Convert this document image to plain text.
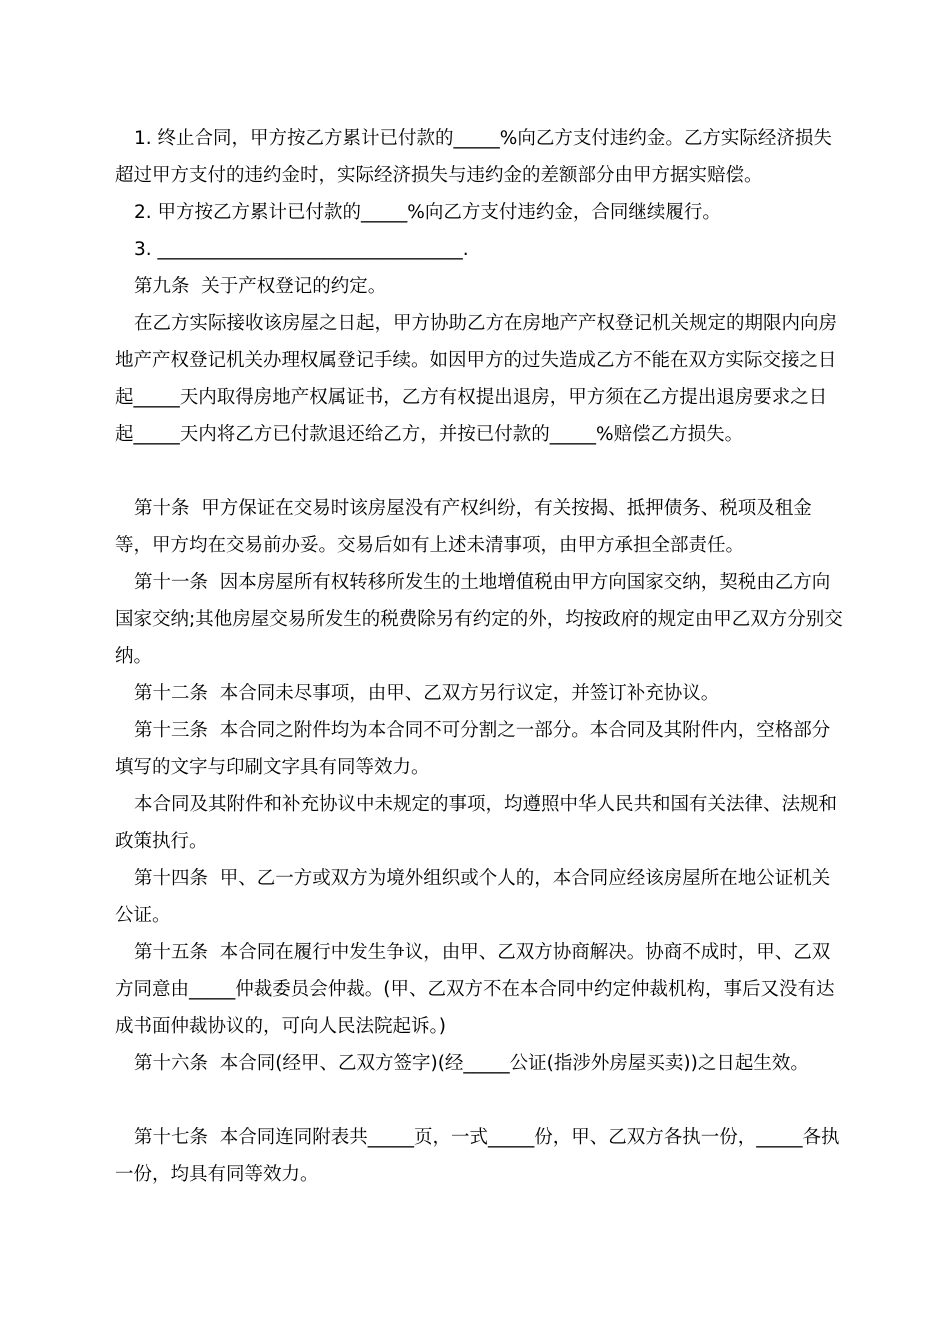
1. 终止合同，甲方按乙方累计已付款的_____%向乙方支付违约金。乙方实际经济损失超过甲方支付的违约金时，实际经济损失与违约金的差额部分由甲方据实赔偿。

2. 甲方按乙方累计已付款的_____%向乙方支付违约金，合同继续履行。

3. _________________________________.

第九条  关于产权登记的约定。

在乙方实际接收该房屋之日起，甲方协助乙方在房地产产权登记机关规定的期限内向房地产产权登记机关办理权属登记手续。如因甲方的过失造成乙方不能在双方实际交接之日起_____天内取得房地产权属证书，乙方有权提出退房，甲方须在乙方提出退房要求之日起_____天内将乙方已付款退还给乙方，并按已付款的_____%赔偿乙方损失。

第十条  甲方保证在交易时该房屋没有产权纠纷，有关按揭、抵押债务、税项及租金等，甲方均在交易前办妥。交易后如有上述未清事项，由甲方承担全部责任。

第十一条  因本房屋所有权转移所发生的土地增值税由甲方向国家交纳，契税由乙方向国家交纳;其他房屋交易所发生的税费除另有约定的外，均按政府的规定由甲乙双方分别交纳。

第十二条  本合同未尽事项，由甲、乙双方另行议定，并签订补充协议。

第十三条  本合同之附件均为本合同不可分割之一部分。本合同及其附件内，空格部分填写的文字与印刷文字具有同等效力。

本合同及其附件和补充协议中未规定的事项，均遵照中华人民共和国有关法律、法规和政策执行。

第十四条  甲、乙一方或双方为境外组织或个人的，本合同应经该房屋所在地公证机关公证。

第十五条  本合同在履行中发生争议，由甲、乙双方协商解决。协商不成时，甲、乙双方同意由_____仲裁委员会仲裁。(甲、乙双方不在本合同中约定仲裁机构，事后又没有达成书面仲裁协议的，可向人民法院起诉。)

第十六条  本合同(经甲、乙双方签字)(经_____公证(指涉外房屋买卖))之日起生效。

第十七条  本合同连同附表共_____页，一式_____份，甲、乙双方各执一份，_____各执一份，均具有同等效力。
